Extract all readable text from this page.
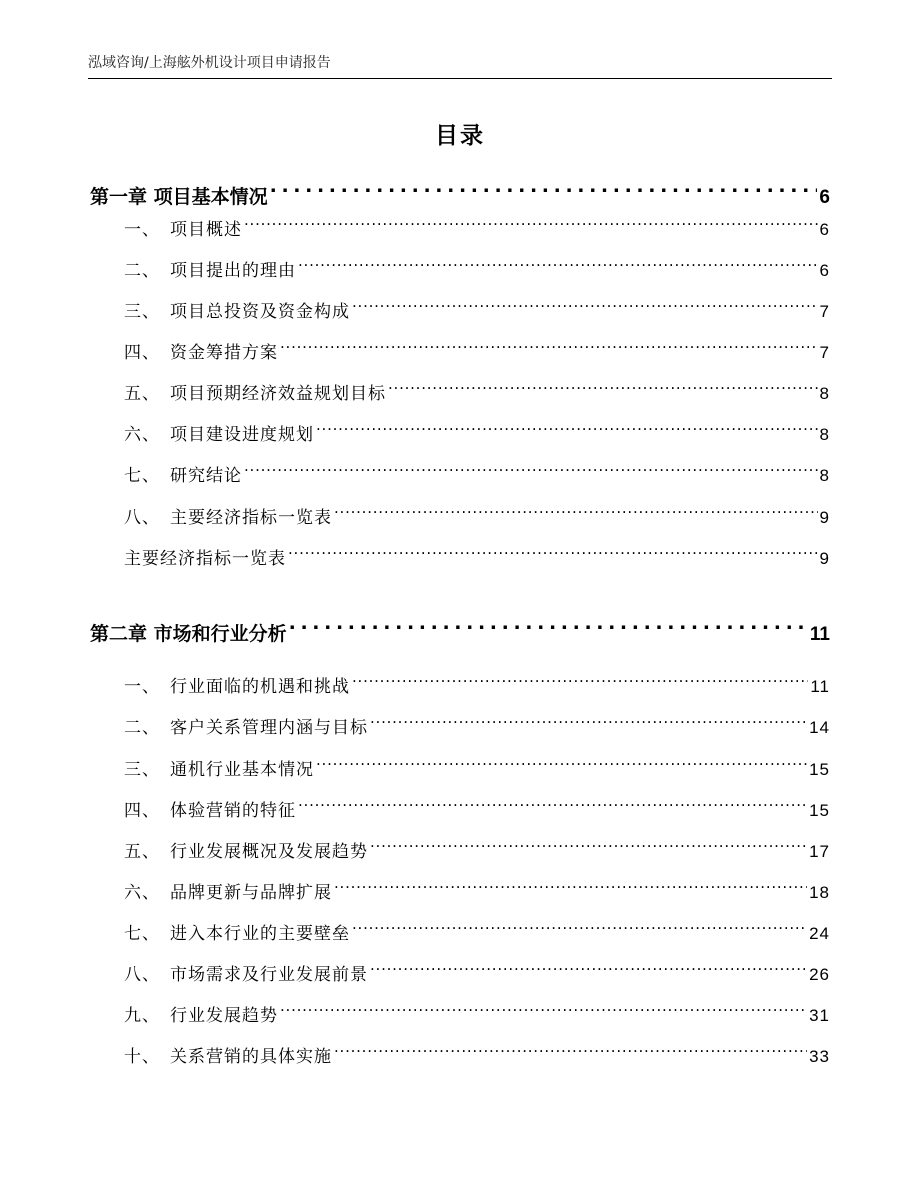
泓域咨询/上海舷外机设计项目申请报告
目录
第一章 项目基本情况 . . .	6
一、 项目概述 . . .	6
二、 项目提出的理由 . . .	6
三、 项目总投资及资金构成 . . .	7
四、 资金筹措方案 . . .	7
五、 项目预期经济效益规划目标 . . .	8
六、 项目建设进度规划 . . .	8
七、 研究结论 . . .	8
八、 主要经济指标一览表 . . .	9
主要经济指标一览表 . . .	9
第二章 市场和行业分析 . . .	11
一、 行业面临的机遇和挑战 . . .	11
二、 客户关系管理内涵与目标 . . .	14
三、 通机行业基本情况 . . .	15
四、 体验营销的特征 . . .	15
五、 行业发展概况及发展趋势 . . .	17
六、 品牌更新与品牌扩展 . . .	18
七、 进入本行业的主要壁垒 . . .	24
八、 市场需求及行业发展前景 . . .	26
九、 行业发展趋势 . . .	31
十、 关系营销的具体实施 . . .	33
